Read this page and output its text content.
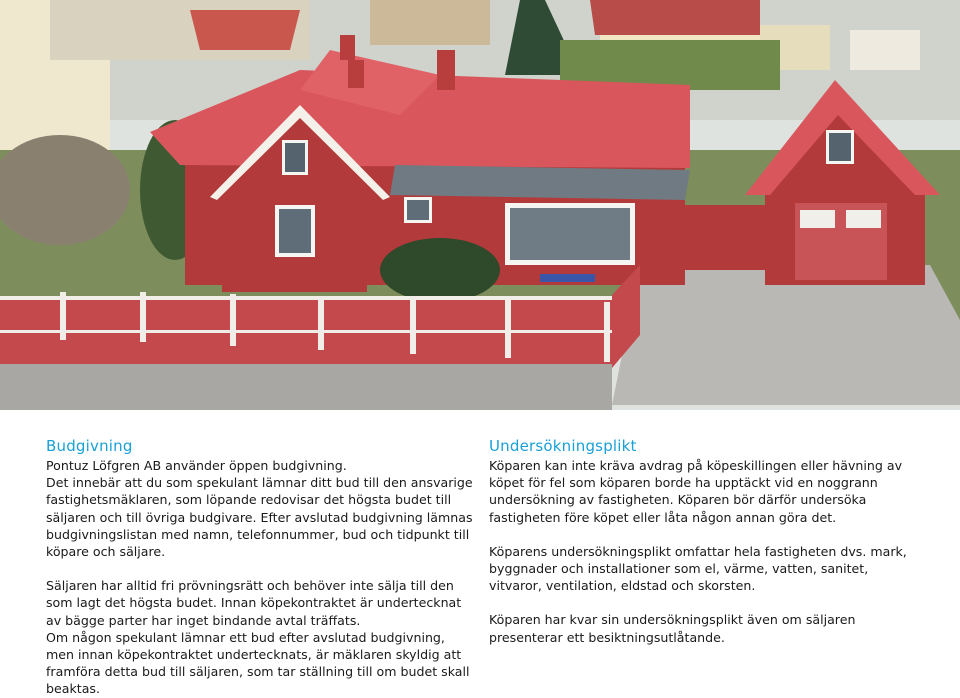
Budgivning

Pontuz Löfgren AB använder öppen budgivning.
Det innebär att du som spekulant lämnar ditt bud till den ansvarige fastighetsmäklaren, som löpande redovisar det högsta budet till säljaren och till övriga budgivare. Efter avslutad budgivning lämnas budgivningslistan med namn, telefonnummer, bud och tidpunkt till köpare och säljare.

Säljaren har alltid fri prövningsrätt och behöver inte sälja till den som lagt det högsta budet. Innan köpekontraktet är undertecknat av bägge parter har inget bindande avtal träffats.

Om någon spekulant lämnar ett bud efter avslutad budgivning, men innan köpekontraktet undertecknats, är mäklaren skyldig att framföra detta bud till säljaren, som tar ställning till om budet skall beaktas.

Undersökningsplikt

Köparen kan inte kräva avdrag på köpeskillingen eller hävning av köpet för fel som köparen borde ha upptäckt vid en noggrann undersökning av fastigheten. Köparen bör därför undersöka fastigheten före köpet eller låta någon annan göra det.

Köparens undersökningsplikt omfattar hela fastigheten dvs. mark, byggnader och installationer som el, värme, vatten, sanitet, vitvaror, ventilation, eldstad och skorsten.

Köparen har kvar sin undersökningsplikt även om säljaren presenterar ett besiktningsutlåtande.
